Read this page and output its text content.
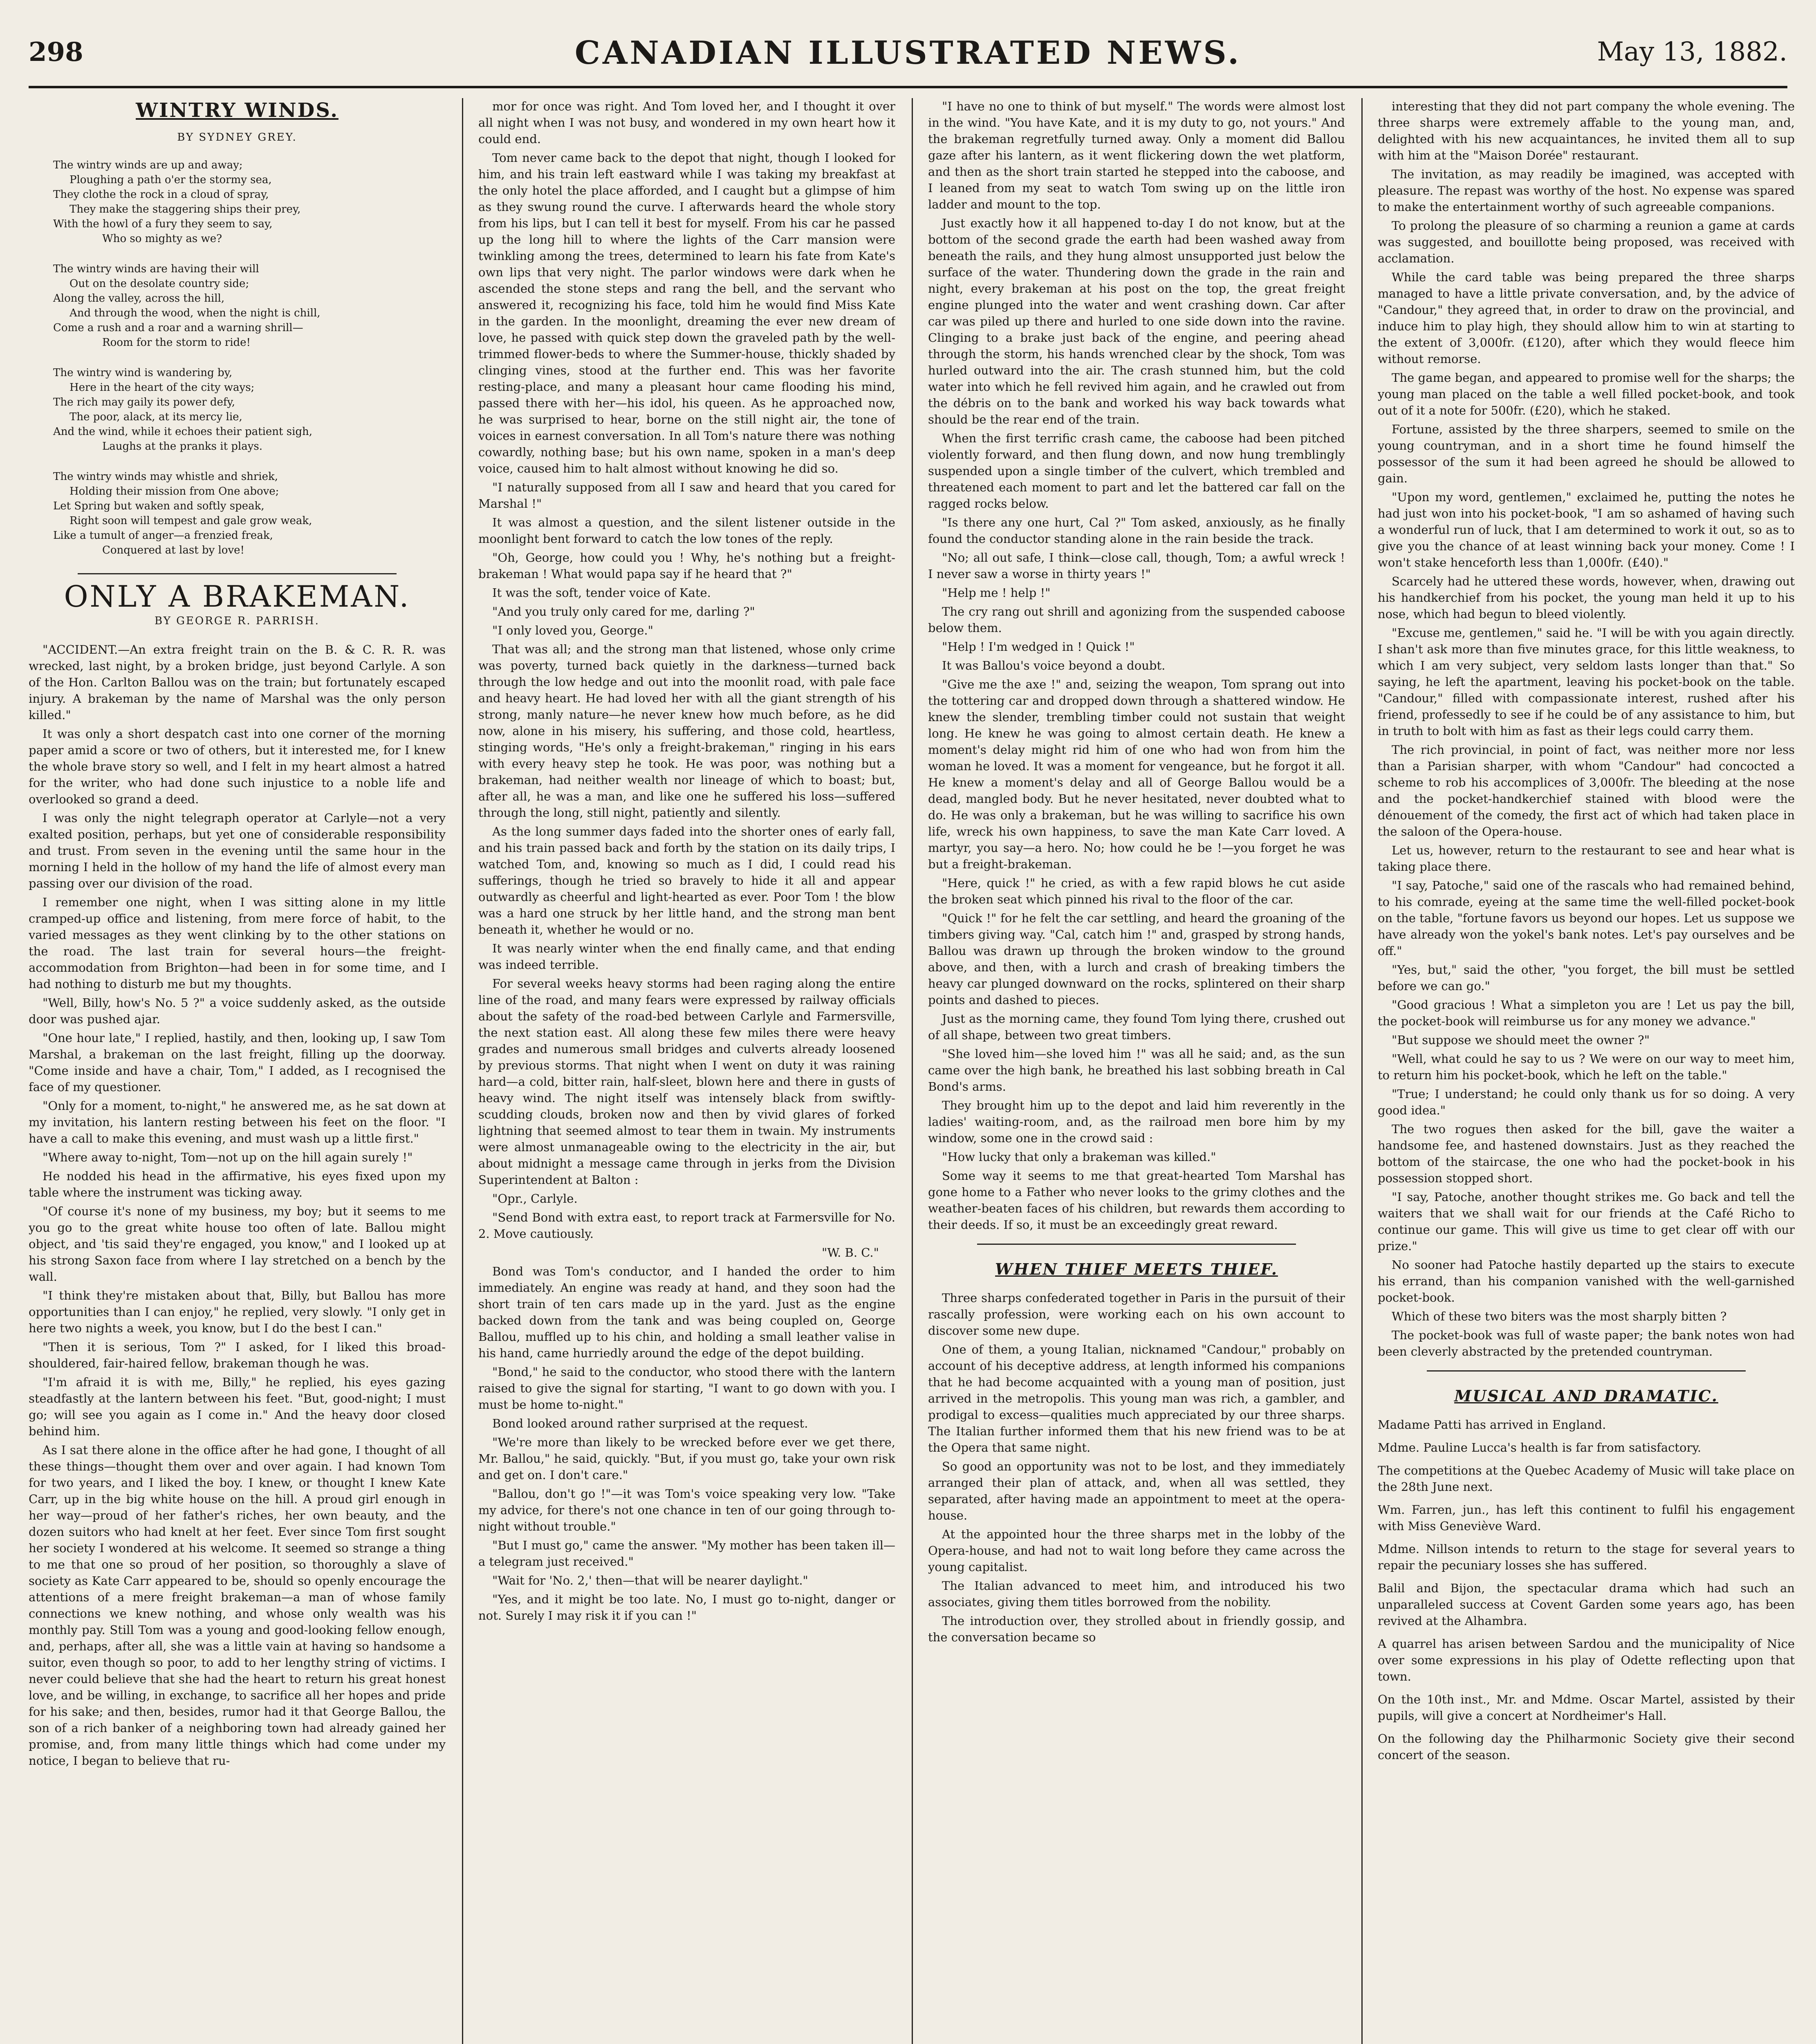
298	CANADIAN ILLUSTRATED NEWS.	May 13, 1882.
WINTRY WINDS.
BY SYDNEY GREY.
The wintry winds are up and away;
Ploughing a path o'er the stormy sea,
They clothe the rock in a cloud of spray,
They make the staggering ships their prey,
With the howl of a fury they seem to say,
Who so mighty as we?
The wintry winds are having their will
Out on the desolate country side;
Along the valley, across the hill,
And through the wood, when the night is chill,
Come a rush and a roar and a warning shrill—
Room for the storm to ride!
The wintry wind is wandering by,
Here in the heart of the city ways;
The rich may gaily its power defy,
The poor, alack, at its mercy lie,
And the wind, while it echoes their patient sigh,
Laughs at the pranks it plays.
The wintry winds may whistle and shriek,
Holding their mission from One above;
Let Spring but waken and softly speak,
Right soon will tempest and gale grow weak,
Like a tumult of anger—a frenzied freak,
Conquered at last by love!
ONLY A BRAKEMAN.
BY GEORGE R. PARRISH.

"ACCIDENT.—An extra freight train on the B. & C. R. R. was wrecked, last night, by a broken bridge, just beyond Carlyle. A son of the Hon. Carlton Ballou was on the train; but fortunately escaped injury. A brakeman by the name of Marshal was the only person killed."

It was only a short despatch cast into one corner of the morning paper amid a score or two of others, but it interested me, for I knew the whole brave story so well, and I felt in my heart almost a hatred for the writer, who had done such injustice to a noble life and overlooked so grand a deed.

I was only the night telegraph operator at Carlyle—not a very exalted position, perhaps, but yet one of considerable responsibility and trust. From seven in the evening until the same hour in the morning I held in the hollow of my hand the life of almost every man passing over our division of the road.

I remember one night, when I was sitting alone in my little cramped-up office and listening, from mere force of habit, to the varied messages as they went clinking by to the other stations on the road. The last train for several hours—the freight-accommodation from Brighton—had been in for some time, and I had nothing to disturb me but my thoughts.

"Well, Billy, how's No. 5 ?" a voice suddenly asked, as the outside door was pushed ajar.

"One hour late," I replied, hastily, and then, looking up, I saw Tom Marshal, a brakeman on the last freight, filling up the doorway. "Come inside and have a chair, Tom," I added, as I recognised the face of my questioner.

"Only for a moment, to-night," he answered me, as he sat down at my invitation, his lantern resting between his feet on the floor. "I have a call to make this evening, and must wash up a little first."

"Where away to-night, Tom—not up on the hill again surely !"

He nodded his head in the affirmative, his eyes fixed upon my table where the instrument was ticking away.

"Of course it's none of my business, my boy; but it seems to me you go to the great white house too often of late. Ballou might object, and 'tis said they're engaged, you know," and I looked up at his strong Saxon face from where I lay stretched on a bench by the wall.

"I think they're mistaken about that, Billy, but Ballou has more opportunities than I can enjoy," he replied, very slowly. "I only get in here two nights a week, you know, but I do the best I can."

"Then it is serious, Tom ?" I asked, for I liked this broad-shouldered, fair-haired fellow, brakeman though he was.

"I'm afraid it is with me, Billy," he replied, his eyes gazing steadfastly at the lantern between his feet. "But, good-night; I must go; will see you again as I come in." And the heavy door closed behind him.

As I sat there alone in the office after he had gone, I thought of all these things—thought them over and over again. I had known Tom for two years, and I liked the boy. I knew, or thought I knew Kate Carr, up in the big white house on the hill. A proud girl enough in her way—proud of her father's riches, her own beauty, and the dozen suitors who had knelt at her feet. Ever since Tom first sought her society I wondered at his welcome. It seemed so strange a thing to me that one so proud of her position, so thoroughly a slave of society as Kate Carr appeared to be, should so openly encourage the attentions of a mere freight brakeman—a man of whose family connections we knew nothing, and whose only wealth was his monthly pay. Still Tom was a young and good-looking fellow enough, and, perhaps, after all, she was a little vain at having so handsome a suitor, even though so poor, to add to her lengthy string of victims. I never could believe that she had the heart to return his great honest love, and be willing, in exchange, to sacrifice all her hopes and pride for his sake; and then, besides, rumor had it that George Ballou, the son of a rich banker of a neighboring town had already gained her promise, and, from many little things which had come under my notice, I began to believe that ru-

mor for once was right. And Tom loved her, and I thought it over all night when I was not busy, and wondered in my own heart how it could end.

Tom never came back to the depot that night, though I looked for him, and his train left eastward while I was taking my breakfast at the only hotel the place afforded, and I caught but a glimpse of him as they swung round the curve. I afterwards heard the whole story from his lips, but I can tell it best for myself. From his car he passed up the long hill to where the lights of the Carr mansion were twinkling among the trees, determined to learn his fate from Kate's own lips that very night. The parlor windows were dark when he ascended the stone steps and rang the bell, and the servant who answered it, recognizing his face, told him he would find Miss Kate in the garden. In the moonlight, dreaming the ever new dream of love, he passed with quick step down the graveled path by the well-trimmed flower-beds to where the Summer-house, thickly shaded by clinging vines, stood at the further end. This was her favorite resting-place, and many a pleasant hour came flooding his mind, passed there with her—his idol, his queen. As he approached now, he was surprised to hear, borne on the still night air, the tone of voices in earnest conversation. In all Tom's nature there was nothing cowardly, nothing base; but his own name, spoken in a man's deep voice, caused him to halt almost without knowing he did so.

"I naturally supposed from all I saw and heard that you cared for Marshal !"

It was almost a question, and the silent listener outside in the moonlight bent forward to catch the low tones of the reply.

"Oh, George, how could you ! Why, he's nothing but a freight-brakeman ! What would papa say if he heard that ?"

It was the soft, tender voice of Kate.

"And you truly only cared for me, darling ?"

"I only loved you, George."

That was all; and the strong man that listened, whose only crime was poverty, turned back quietly in the darkness—turned back through the low hedge and out into the moonlit road, with pale face and heavy heart. He had loved her with all the giant strength of his strong, manly nature—he never knew how much before, as he did now, alone in his misery, his suffering, and those cold, heartless, stinging words, "He's only a freight-brakeman," ringing in his ears with every heavy step he took. He was poor, was nothing but a brakeman, had neither wealth nor lineage of which to boast; but, after all, he was a man, and like one he suffered his loss—suffered through the long, still night, patiently and silently.

As the long summer days faded into the shorter ones of early fall, and his train passed back and forth by the station on its daily trips, I watched Tom, and, knowing so much as I did, I could read his sufferings, though he tried so bravely to hide it all and appear outwardly as cheerful and light-hearted as ever. Poor Tom ! the blow was a hard one struck by her little hand, and the strong man bent beneath it, whether he would or no.

It was nearly winter when the end finally came, and that ending was indeed terrible.

For several weeks heavy storms had been raging along the entire line of the road, and many fears were expressed by railway officials about the safety of the road-bed between Carlyle and Farmersville, the next station east. All along these few miles there were heavy grades and numerous small bridges and culverts already loosened by previous storms. That night when I went on duty it was raining hard—a cold, bitter rain, half-sleet, blown here and there in gusts of heavy wind. The night itself was intensely black from swiftly-scudding clouds, broken now and then by vivid glares of forked lightning that seemed almost to tear them in twain. My instruments were almost unmanageable owing to the electricity in the air, but about midnight a message came through in jerks from the Division Superintendent at Balton :

"Opr., Carlyle.

"Send Bond with extra east, to report track at Farmersville for No. 2. Move cautiously.

"W. B. C."

Bond was Tom's conductor, and I handed the order to him immediately. An engine was ready at hand, and they soon had the short train of ten cars made up in the yard. Just as the engine backed down from the tank and was being coupled on, George Ballou, muffled up to his chin, and holding a small leather valise in his hand, came hurriedly around the edge of the depot building.

"Bond," he said to the conductor, who stood there with the lantern raised to give the signal for starting, "I want to go down with you. I must be home to-night."

Bond looked around rather surprised at the request.

"We're more than likely to be wrecked before ever we get there, Mr. Ballou," he said, quickly. "But, if you must go, take your own risk and get on. I don't care."

"Ballou, don't go !"—it was Tom's voice speaking very low. "Take my advice, for there's not one chance in ten of our going through to-night without trouble."

"But I must go," came the answer. "My mother has been taken ill—a telegram just received."

"Wait for 'No. 2,' then—that will be nearer daylight."

"Yes, and it might be too late. No, I must go to-night, danger or not. Surely I may risk it if you can !"

"I have no one to think of but myself." The words were almost lost in the wind. "You have Kate, and it is my duty to go, not yours." And the brakeman regretfully turned away. Only a moment did Ballou gaze after his lantern, as it went flickering down the wet platform, and then as the short train started he stepped into the caboose, and I leaned from my seat to watch Tom swing up on the little iron ladder and mount to the top.

Just exactly how it all happened to-day I do not know, but at the bottom of the second grade the earth had been washed away from beneath the rails, and they hung almost unsupported just below the surface of the water. Thundering down the grade in the rain and night, every brakeman at his post on the top, the great freight engine plunged into the water and went crashing down. Car after car was piled up there and hurled to one side down into the ravine. Clinging to a brake just back of the engine, and peering ahead through the storm, his hands wrenched clear by the shock, Tom was hurled outward into the air. The crash stunned him, but the cold water into which he fell revived him again, and he crawled out from the débris on to the bank and worked his way back towards what should be the rear end of the train.

When the first terrific crash came, the caboose had been pitched violently forward, and then flung down, and now hung tremblingly suspended upon a single timber of the culvert, which trembled and threatened each moment to part and let the battered car fall on the ragged rocks below.

"Is there any one hurt, Cal ?" Tom asked, anxiously, as he finally found the conductor standing alone in the rain beside the track.

"No; all out safe, I think—close call, though, Tom; a awful wreck ! I never saw a worse in thirty years !"

"Help me ! help !"

The cry rang out shrill and agonizing from the suspended caboose below them.

"Help ! I'm wedged in ! Quick !"

It was Ballou's voice beyond a doubt.

"Give me the axe !" and, seizing the weapon, Tom sprang out into the tottering car and dropped down through a shattered window. He knew the slender, trembling timber could not sustain that weight long. He knew he was going to almost certain death. He knew a moment's delay might rid him of one who had won from him the woman he loved. It was a moment for vengeance, but he forgot it all. He knew a moment's delay and all of George Ballou would be a dead, mangled body. But he never hesitated, never doubted what to do. He was only a brakeman, but he was willing to sacrifice his own life, wreck his own happiness, to save the man Kate Carr loved. A martyr, you say—a hero. No; how could he be !—you forget he was but a freight-brakeman.

"Here, quick !" he cried, as with a few rapid blows he cut aside the broken seat which pinned his rival to the floor of the car.

"Quick !" for he felt the car settling, and heard the groaning of the timbers giving way. "Cal, catch him !" and, grasped by strong hands, Ballou was drawn up through the broken window to the ground above, and then, with a lurch and crash of breaking timbers the heavy car plunged downward on the rocks, splintered on their sharp points and dashed to pieces.

Just as the morning came, they found Tom lying there, crushed out of all shape, between two great timbers.

"She loved him—she loved him !" was all he said; and, as the sun came over the high bank, he breathed his last sobbing breath in Cal Bond's arms.

They brought him up to the depot and laid him reverently in the ladies' waiting-room, and, as the railroad men bore him by my window, some one in the crowd said :

"How lucky that only a brakeman was killed."

Some way it seems to me that great-hearted Tom Marshal has gone home to a Father who never looks to the grimy clothes and the weather-beaten faces of his children, but rewards them according to their deeds. If so, it must be an exceedingly great reward.

WHEN THIEF MEETS THIEF.

Three sharps confederated together in Paris in the pursuit of their rascally profession, were working each on his own account to discover some new dupe.

One of them, a young Italian, nicknamed "Candour," probably on account of his deceptive address, at length informed his companions that he had become acquainted with a young man of position, just arrived in the metropolis. This young man was rich, a gambler, and prodigal to excess—qualities much appreciated by our three sharps. The Italian further informed them that his new friend was to be at the Opera that same night.

So good an opportunity was not to be lost, and they immediately arranged their plan of attack, and, when all was settled, they separated, after having made an appointment to meet at the opera-house.

At the appointed hour the three sharps met in the lobby of the Opera-house, and had not to wait long before they came across the young capitalist.

The Italian advanced to meet him, and introduced his two associates, giving them titles borrowed from the nobility.

The introduction over, they strolled about in friendly gossip, and the conversation became so

interesting that they did not part company the whole evening. The three sharps were extremely affable to the young man, and, delighted with his new acquaintances, he invited them all to sup with him at the "Maison Dorée" restaurant.

The invitation, as may readily be imagined, was accepted with pleasure. The repast was worthy of the host. No expense was spared to make the entertainment worthy of such agreeable companions.

To prolong the pleasure of so charming a reunion a game at cards was suggested, and bouillotte being proposed, was received with acclamation.

While the card table was being prepared the three sharps managed to have a little private conversation, and, by the advice of "Candour," they agreed that, in order to draw on the provincial, and induce him to play high, they should allow him to win at starting to the extent of 3,000fr. (£120), after which they would fleece him without remorse.

The game began, and appeared to promise well for the sharps; the young man placed on the table a well filled pocket-book, and took out of it a note for 500fr. (£20), which he staked.

Fortune, assisted by the three sharpers, seemed to smile on the young countryman, and in a short time he found himself the possessor of the sum it had been agreed he should be allowed to gain.

"Upon my word, gentlemen," exclaimed he, putting the notes he had just won into his pocket-book, "I am so ashamed of having such a wonderful run of luck, that I am determined to work it out, so as to give you the chance of at least winning back your money. Come ! I won't stake henceforth less than 1,000fr. (£40)."

Scarcely had he uttered these words, however, when, drawing out his handkerchief from his pocket, the young man held it up to his nose, which had begun to bleed violently.

"Excuse me, gentlemen," said he. "I will be with you again directly. I shan't ask more than five minutes grace, for this little weakness, to which I am very subject, very seldom lasts longer than that." So saying, he left the apartment, leaving his pocket-book on the table. "Candour," filled with compassionate interest, rushed after his friend, professedly to see if he could be of any assistance to him, but in truth to bolt with him as fast as their legs could carry them.

The rich provincial, in point of fact, was neither more nor less than a Parisian sharper, with whom "Candour" had concocted a scheme to rob his accomplices of 3,000fr. The bleeding at the nose and the pocket-handkerchief stained with blood were the dénouement of the comedy, the first act of which had taken place in the saloon of the Opera-house.

Let us, however, return to the restaurant to see and hear what is taking place there.

"I say, Patoche," said one of the rascals who had remained behind, to his comrade, eyeing at the same time the well-filled pocket-book on the table, "fortune favors us beyond our hopes. Let us suppose we have already won the yokel's bank notes. Let's pay ourselves and be off."

"Yes, but," said the other, "you forget, the bill must be settled before we can go."

"Good gracious ! What a simpleton you are ! Let us pay the bill, the pocket-book will reimburse us for any money we advance."

"But suppose we should meet the owner ?"

"Well, what could he say to us ? We were on our way to meet him, to return him his pocket-book, which he left on the table."

"True; I understand; he could only thank us for so doing. A very good idea."

The two rogues then asked for the bill, gave the waiter a handsome fee, and hastened downstairs. Just as they reached the bottom of the staircase, the one who had the pocket-book in his possession stopped short.

"I say, Patoche, another thought strikes me. Go back and tell the waiters that we shall wait for our friends at the Café Richo to continue our game. This will give us time to get clear off with our prize."

No sooner had Patoche hastily departed up the stairs to execute his errand, than his companion vanished with the well-garnished pocket-book.

Which of these two biters was the most sharply bitten ?

The pocket-book was full of waste paper; the bank notes won had been cleverly abstracted by the pretended countryman.

MUSICAL AND DRAMATIC.

Madame Patti has arrived in England.

Mdme. Pauline Lucca's health is far from satisfactory.

The competitions at the Quebec Academy of Music will take place on the 28th June next.

Wm. Farren, jun., has left this continent to fulfil his engagement with Miss Geneviève Ward.

Mdme. Nillson intends to return to the stage for several years to repair the pecuniary losses she has suffered.

Balil and Bijon, the spectacular drama which had such an unparalleled success at Covent Garden some years ago, has been revived at the Alhambra.

A quarrel has arisen between Sardou and the municipality of Nice over some expressions in his play of Odette reflecting upon that town.

On the 10th inst., Mr. and Mdme. Oscar Martel, assisted by their pupils, will give a concert at Nordheimer's Hall.

On the following day the Philharmonic Society give their second concert of the season.
